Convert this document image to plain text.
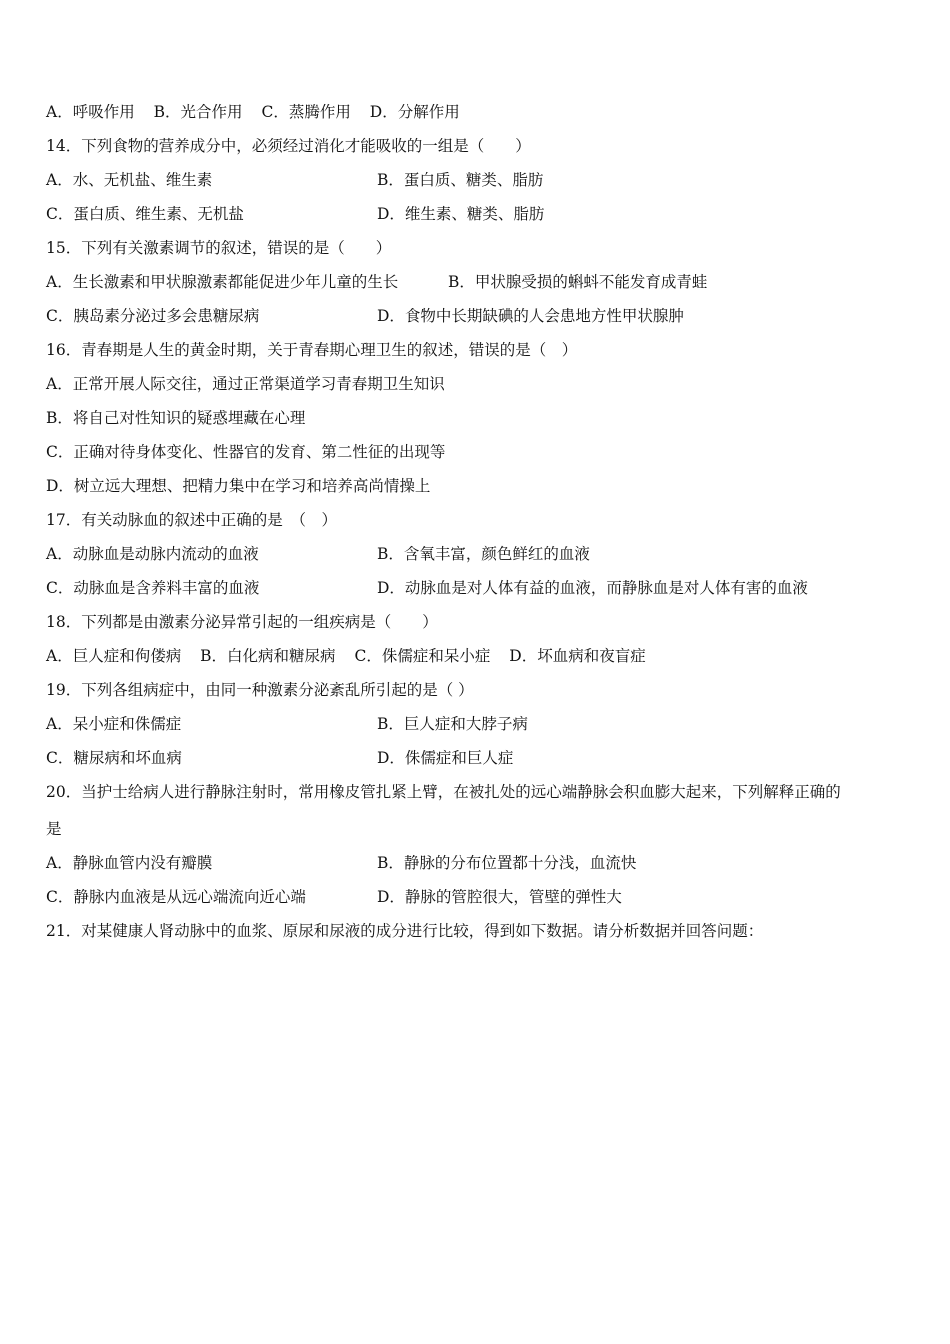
A．呼吸作用 B．光合作用 C．蒸腾作用 D．分解作用
14．下列食物的营养成分中，必须经过消化才能吸收的一组是（　　）
A．水、无机盐、维生素	B．蛋白质、糖类、脂肪
C．蛋白质、维生素、无机盐	D．维生素、糖类、脂肪
15．下列有关激素调节的叙述，错误的是（　　）
A．生长激素和甲状腺激素都能促进少年儿童的生长	B．甲状腺受损的蝌蚪不能发育成青蛙
C．胰岛素分泌过多会患糖尿病	D．食物中长期缺碘的人会患地方性甲状腺肿
16．青春期是人生的黄金时期，关于青春期心理卫生的叙述，错误的是（　）
A．正常开展人际交往，通过正常渠道学习青春期卫生知识
B．将自己对性知识的疑惑埋藏在心理
C．正确对待身体变化、性器官的发育、第二性征的出现等
D．树立远大理想、把精力集中在学习和培养高尚情操上
17．有关动脉血的叙述中正确的是　（　）
A．动脉血是动脉内流动的血液	B．含氧丰富，颜色鲜红的血液
C．动脉血是含养料丰富的血液	D．动脉血是对人体有益的血液，而静脉血是对人体有害的血液
18．下列都是由激素分泌异常引起的一组疾病是（　　）
A．巨人症和佝偻病 B．白化病和糖尿病 C．侏儒症和呆小症 D．坏血病和夜盲症
19．下列各组病症中，由同一种激素分泌紊乱所引起的是（ ）
A．呆小症和侏儒症	B．巨人症和大脖子病
C．糖尿病和坏血病	D．侏儒症和巨人症
20．当护士给病人进行静脉注射时，常用橡皮管扎紧上臂，在被扎处的远心端静脉会积血膨大起来，下列解释正确的
是
A．静脉血管内没有瓣膜	B．静脉的分布位置都十分浅，血流快
C．静脉内血液是从远心端流向近心端	D．静脉的管腔很大，管壁的弹性大
21．对某健康人肾动脉中的血浆、原尿和尿液的成分进行比较，得到如下数据。请分析数据并回答问题：
